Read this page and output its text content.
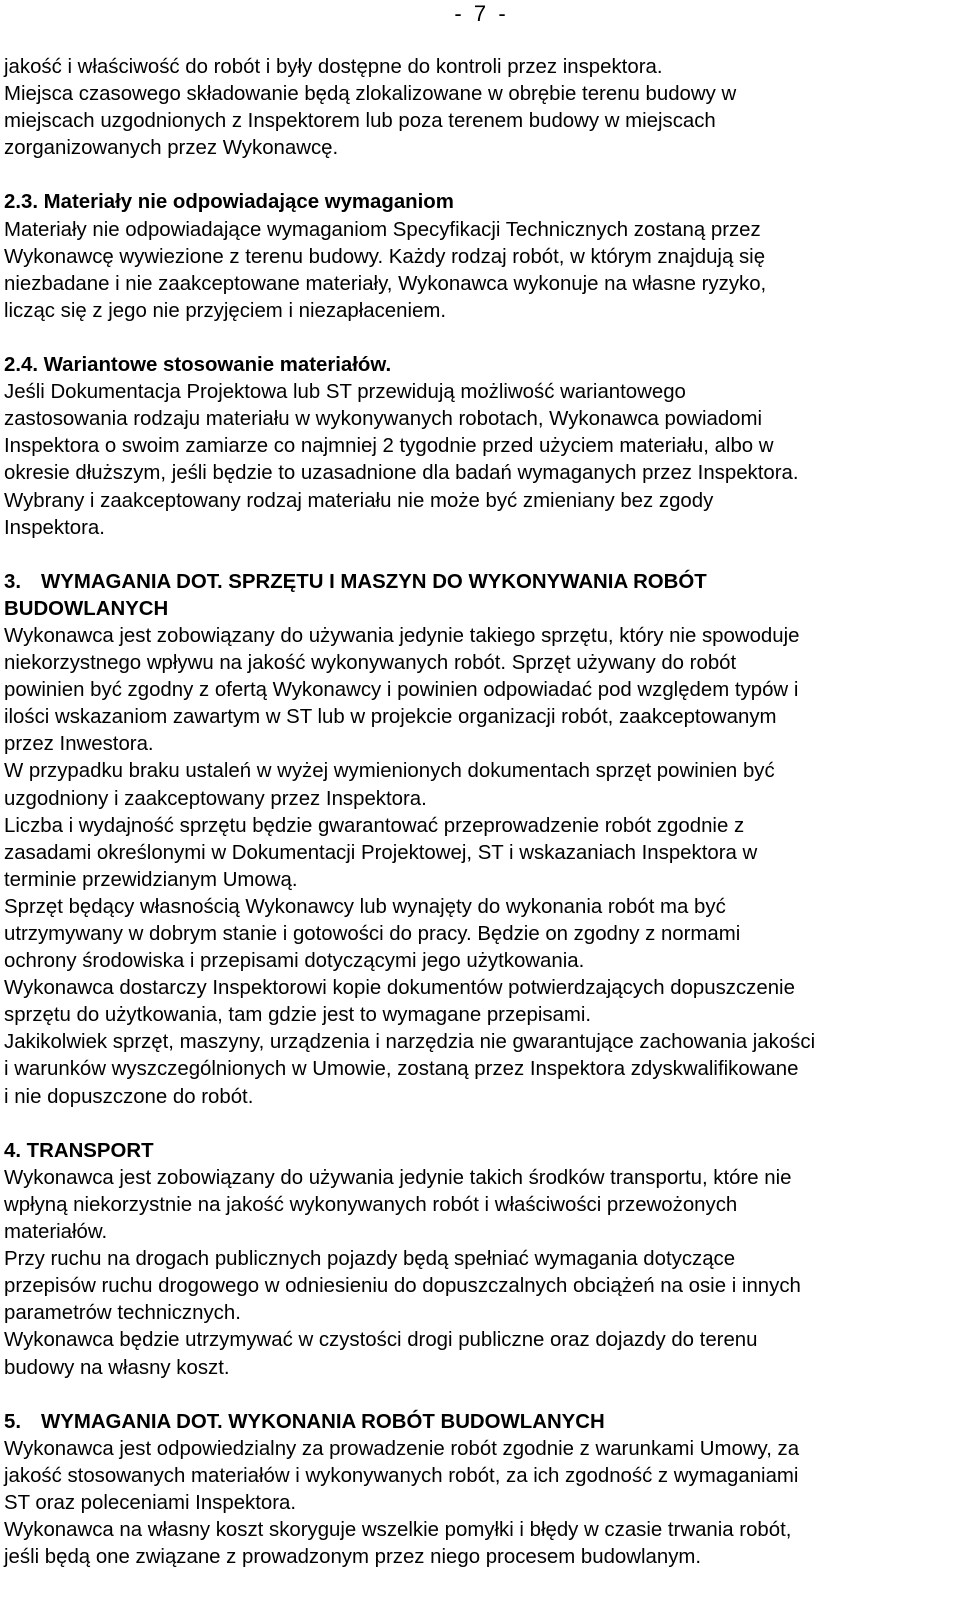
-  7  -

jakość i właściwość do robót i były dostępne do kontroli przez inspektora.

Miejsca czasowego składowanie będą zlokalizowane w obrębie terenu budowy w

miejscach uzgodnionych z Inspektorem lub poza terenem budowy w miejscach

zorganizowanych przez Wykonawcę.

2.3. Materiały nie odpowiadające wymaganiom

Materiały nie odpowiadające wymaganiom Specyfikacji Technicznych zostaną przez

Wykonawcę wywiezione z terenu budowy. Każdy rodzaj robót, w którym znajdują się

niezbadane i nie zaakceptowane materiały, Wykonawca wykonuje na własne ryzyko,

licząc się z jego nie przyjęciem i niezapłaceniem.

2.4. Wariantowe stosowanie materiałów.

Jeśli Dokumentacja Projektowa lub ST przewidują możliwość wariantowego

zastosowania rodzaju materiału w wykonywanych robotach, Wykonawca powiadomi

Inspektora o swoim zamiarze co najmniej 2 tygodnie przed użyciem materiału, albo w

okresie dłuższym, jeśli będzie to uzasadnione dla badań wymaganych przez Inspektora.

Wybrany i zaakceptowany rodzaj materiału nie może być zmieniany bez zgody

Inspektora.

3. WYMAGANIA DOT. SPRZĘTU I MASZYN DO WYKONYWANIA ROBÓT

BUDOWLANYCH

Wykonawca jest zobowiązany do używania jedynie takiego sprzętu, który nie spowoduje

niekorzystnego wpływu na jakość wykonywanych robót. Sprzęt używany do robót

powinien być zgodny z ofertą Wykonawcy i powinien odpowiadać pod względem typów i

ilości wskazaniom zawartym w ST lub w projekcie organizacji robót, zaakceptowanym

przez Inwestora.

W przypadku braku ustaleń w wyżej wymienionych dokumentach sprzęt powinien być

uzgodniony i zaakceptowany przez Inspektora.

Liczba i wydajność sprzętu będzie gwarantować przeprowadzenie robót zgodnie z

zasadami określonymi w Dokumentacji Projektowej, ST i wskazaniach Inspektora w

terminie przewidzianym Umową.

Sprzęt będący własnością Wykonawcy lub wynajęty do wykonania robót ma być

utrzymywany w dobrym stanie i gotowości do pracy. Będzie on zgodny z normami

ochrony środowiska i przepisami dotyczącymi jego użytkowania.

Wykonawca dostarczy Inspektorowi kopie dokumentów potwierdzających dopuszczenie

sprzętu do użytkowania, tam gdzie jest to wymagane przepisami.

Jakikolwiek sprzęt, maszyny, urządzenia i narzędzia nie gwarantujące zachowania jakości

i warunków wyszczególnionych w Umowie, zostaną przez Inspektora zdyskwalifikowane

i nie dopuszczone do robót.

4. TRANSPORT

Wykonawca jest zobowiązany do używania jedynie takich środków transportu, które nie

wpłyną niekorzystnie na jakość wykonywanych robót i właściwości przewożonych

materiałów.

Przy ruchu na drogach publicznych pojazdy będą spełniać wymagania dotyczące

przepisów ruchu drogowego w odniesieniu do dopuszczalnych obciążeń na osie i innych

parametrów technicznych.

Wykonawca będzie utrzymywać w czystości drogi publiczne oraz dojazdy do terenu

budowy na własny koszt.

5. WYMAGANIA DOT. WYKONANIA ROBÓT BUDOWLANYCH

Wykonawca jest odpowiedzialny za prowadzenie robót zgodnie z warunkami Umowy, za

jakość stosowanych materiałów i wykonywanych robót, za ich zgodność z wymaganiami

ST oraz poleceniami Inspektora.

Wykonawca na własny koszt skoryguje wszelkie pomyłki i błędy w czasie trwania robót,

jeśli będą one związane z prowadzonym przez niego procesem budowlanym.
